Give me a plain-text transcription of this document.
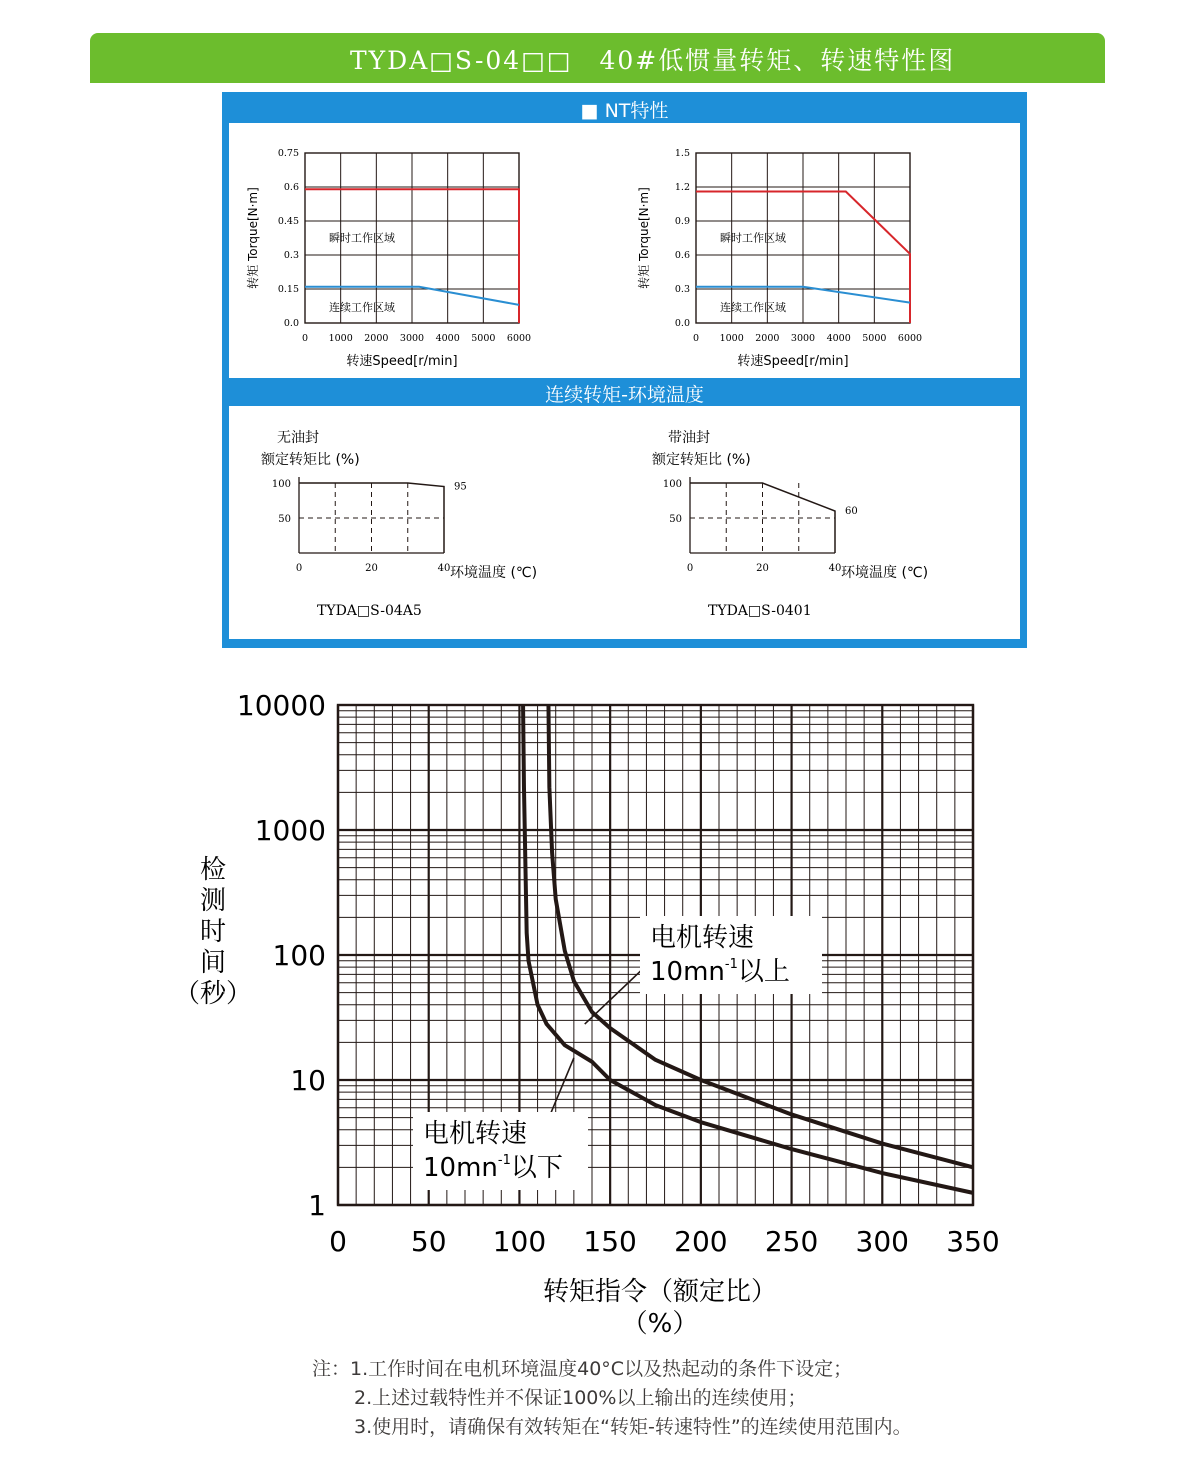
TYDA□S-04□□　40#低惯量转矩、转速特性图
■ NT特性
0 1000 2000 3000 4000 5000 6000
0.0
0.15
0.3
0.45
0.6
0.75
转矩 Torque[N·m]
转速Speed[r/min]
瞬时工作区域
连续工作区域
0 1000 2000 3000 4000 5000 6000
0.0
0.3
0.6
0.9
1.2
1.5
转矩 Torque[N·m]
转速Speed[r/min]
瞬时工作区域
连续工作区域
连续转矩-环境温度
无油封
额定转矩比 (%)
50
100
0	20	40
95
环境温度 (℃)
TYDA□S-04A5
带油封
额定转矩比 (%)
50
100
0	20	40
60
环境温度 (℃)
TYDA□S-0401
1
10
100
1000
10000
0 50 100 150 200 250 300 350
检
测
时
间
（秒）
转矩指令（额定比）
（%）
电机转速
$10mn^{-1}$以上
电机转速
$10mn^{-1}$以下
注：1.工作时间在电机环境温度40°C以及热起动的条件下设定；
2.上述过载特性并不保证100%以上输出的连续使用；
3.使用时，请确保有效转矩在“转矩-转速特性”的连续使用范围内。
